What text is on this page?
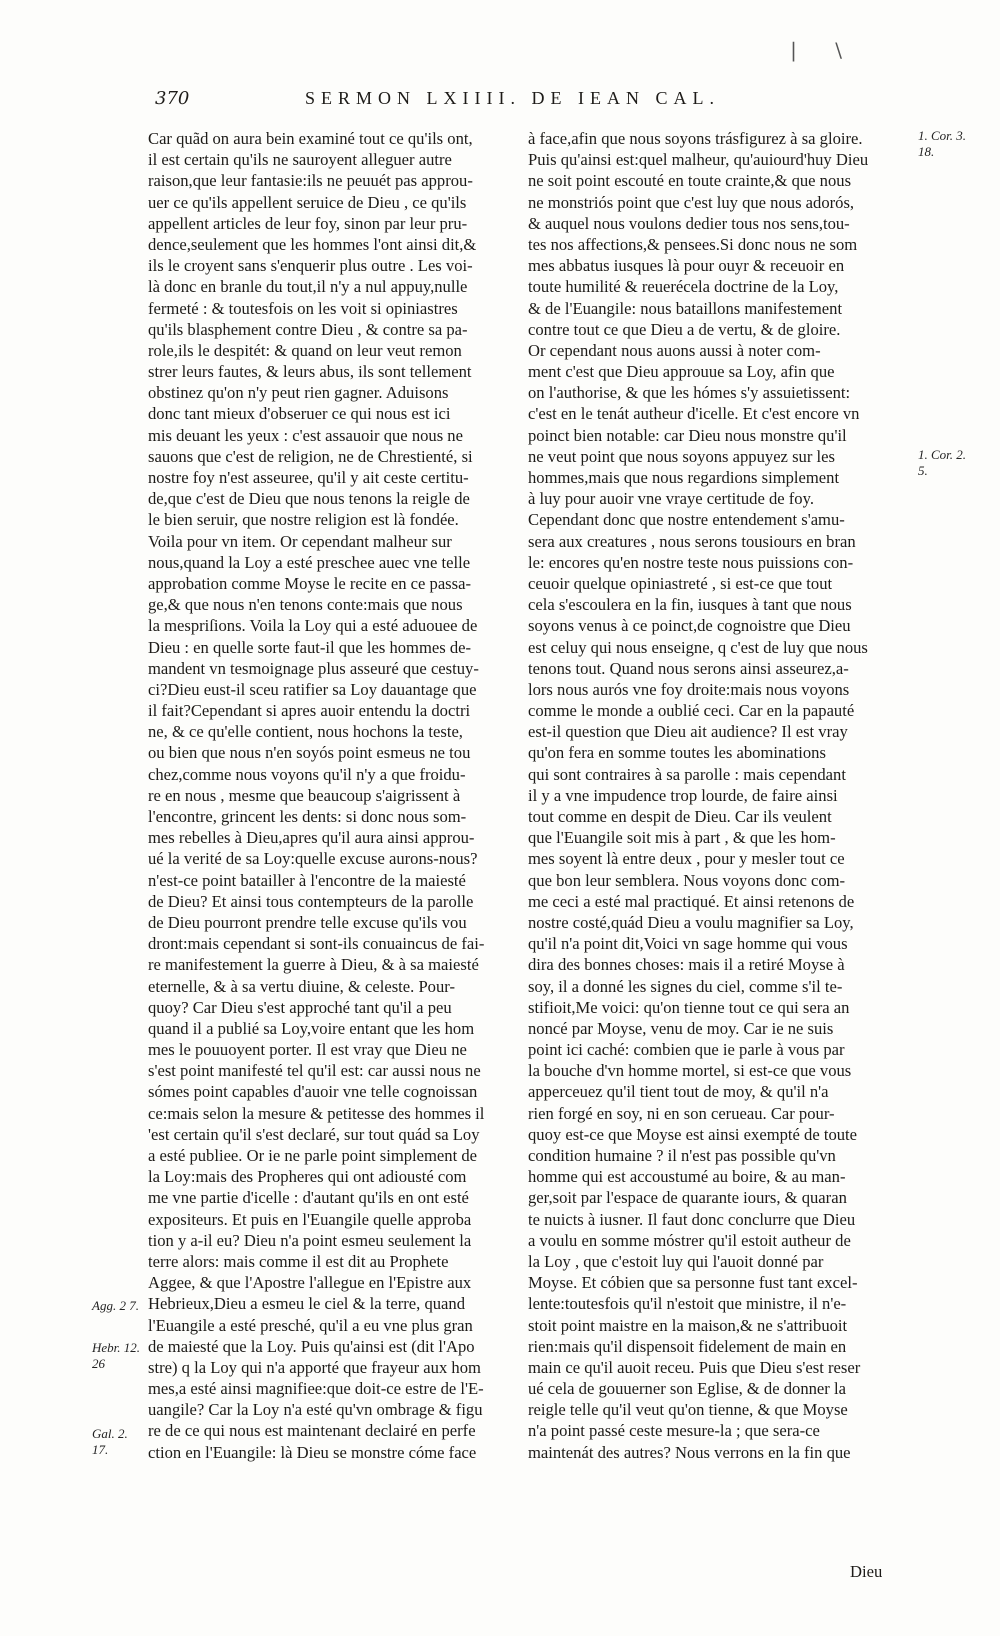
| \
370	SERMON LXIIII. DE IEAN CAL.
Car quãd on aura bein examiné tout ce qu'ils ont,
il est certain qu'ils ne sauroyent alleguer autre
raison,que leur fantasie:ils ne peuuét pas approu-
uer ce qu'ils appellent seruice de Dieu , ce qu'ils
appellent articles de leur foy, sinon par leur pru-
dence,seulement que les hommes l'ont ainsi dit,&
ils le croyent sans s'enquerir plus outre . Les voi-
là donc en branle du tout,il n'y a nul appuy,nulle
fermeté : & toutesfois on les voit si opiniastres
qu'ils blasphement contre Dieu , & contre sa pa-
role,ils le despitét: & quand on leur veut remon
strer leurs fautes, & leurs abus, ils sont tellement
obstinez qu'on n'y peut rien gagner. Aduisons
donc tant mieux d'obseruer ce qui nous est ici
mis deuant les yeux : c'est assauoir que nous ne
sauons que c'est de religion, ne de Chrestienté, si
nostre foy n'est asseuree, qu'il y ait ceste certitu-
de,que c'est de Dieu que nous tenons la reigle de
le bien seruir, que nostre religion est là fondée.
Voila pour vn item. Or cependant malheur sur
nous,quand la Loy a esté preschee auec vne telle
approbation comme Moyse le recite en ce passa-
ge,& que nous n'en tenons conte:mais que nous
la mespriſions. Voila la Loy qui a esté aduouee de
Dieu : en quelle sorte faut-il que les hommes de-
mandent vn tesmoignage plus asseuré que cestuy-
ci?Dieu eust-il sceu ratifier sa Loy dauantage que
il fait?Cependant si apres auoir entendu la doctri
ne, & ce qu'elle contient, nous hochons la teste,
ou bien que nous n'en soyós point esmeus ne tou
chez,comme nous voyons qu'il n'y a que froidu-
re en nous , mesme que beaucoup s'aigrissent à
l'encontre, grincent les dents: si donc nous som-
mes rebelles à Dieu,apres qu'il aura ainsi approu-
ué la verité de sa Loy:quelle excuse aurons-nous?
n'est-ce point batailler à l'encontre de la maiesté
de Dieu? Et ainsi tous contempteurs de la parolle
de Dieu pourront prendre telle excuse qu'ils vou
dront:mais cependant si sont-ils conuaincus de fai-
re manifestement la guerre à Dieu, & à sa maiesté
eternelle, & à sa vertu diuine, & celeste. Pour-
quoy? Car Dieu s'est approché tant qu'il a peu
quand il a publié sa Loy,voire entant que les hom
mes le pouuoyent porter. Il est vray que Dieu ne
s'est point manifesté tel qu'il est: car aussi nous ne
sómes point capables d'auoir vne telle cognoissan
ce:mais selon la mesure & petitesse des hommes il
'est certain qu'il s'est declaré, sur tout quád sa Loy
a esté publiee. Or ie ne parle point simplement de
la Loy:mais des Propheres qui ont adiousté com
me vne partie d'icelle : d'autant qu'ils en ont esté
expositeurs. Et puis en l'Euangile quelle approba
tion y a-il eu? Dieu n'a point esmeu seulement la
terre alors: mais comme il est dit au Prophete
Aggee, & que l'Apostre l'allegue en l'Epistre aux
Hebrieux,Dieu a esmeu le ciel & la terre, quand
l'Euangile a esté presché, qu'il a eu vne plus gran
de maiesté que la Loy. Puis qu'ainsi est (dit l'Apo
stre) q la Loy qui n'a apporté que frayeur aux hom
mes,a esté ainsi magnifiee:que doit-ce estre de l'E-
uangile? Car la Loy n'a esté qu'vn ombrage & figu
re de ce qui nous est maintenant declairé en perfe
ction en l'Euangile: là Dieu se monstre cóme face
à face,afin que nous soyons trásfigurez à sa gloire.
Puis qu'ainsi est:quel malheur, qu'auiourd'huy Dieu
ne soit point escouté en toute crainte,& que nous
ne monstriós point que c'est luy que nous adorós,
& auquel nous voulons dedier tous nos sens,tou-
tes nos affections,& pensees.Si donc nous ne som
mes abbatus iusques là pour ouyr & receuoir en
toute humilité & reuerécela doctrine de la Loy,
& de l'Euangile: nous bataillons manifestement
contre tout ce que Dieu a de vertu, & de gloire.
Or cependant nous auons aussi à noter com-
ment c'est que Dieu approuue sa Loy, afin que
on l'authorise, & que les hómes s'y assuietissent:
c'est en le tenát autheur d'icelle. Et c'est encore vn
poinct bien notable: car Dieu nous monstre qu'il
ne veut point que nous soyons appuyez sur les
hommes,mais que nous regardions simplement
à luy pour auoir vne vraye certitude de foy.
Cependant donc que nostre entendement s'amu-
sera aux creatures , nous serons tousiours en bran
le: encores qu'en nostre teste nous puissions con-
ceuoir quelque opiniastreté , si est-ce que tout
cela s'escoulera en la fin, iusques à tant que nous
soyons venus à ce poinct,de cognoistre que Dieu
est celuy qui nous enseigne, q c'est de luy que nous
tenons tout. Quand nous serons ainsi asseurez,a-
lors nous aurós vne foy droite:mais nous voyons
comme le monde a oublié ceci. Car en la papauté
est-il question que Dieu ait audience? Il est vray
qu'on fera en somme toutes les abominations
qui sont contraires à sa parolle : mais cependant
il y a vne impudence trop lourde, de faire ainsi
tout comme en despit de Dieu. Car ils veulent
que l'Euangile soit mis à part , & que les hom-
mes soyent là entre deux , pour y mesler tout ce
que bon leur semblera. Nous voyons donc com-
me ceci a esté mal practiqué. Et ainsi retenons de
nostre costé,quád Dieu a voulu magnifier sa Loy,
qu'il n'a point dit,Voici vn sage homme qui vous
dira des bonnes choses: mais il a retiré Moyse à
soy, il a donné les signes du ciel, comme s'il te-
stifioit,Me voici: qu'on tienne tout ce qui sera an
noncé par Moyse, venu de moy. Car ie ne suis
point ici caché: combien que ie parle à vous par
la bouche d'vn homme mortel, si est-ce que vous
apperceuez qu'il tient tout de moy, & qu'il n'a
rien forgé en soy, ni en son cerueau. Car pour-
quoy est-ce que Moyse est ainsi exempté de toute
condition humaine ? il n'est pas possible qu'vn
homme qui est accoustumé au boire, & au man-
ger,soit par l'espace de quarante iours, & quaran
te nuicts à iusner. Il faut donc conclurre que Dieu
a voulu en somme móstrer qu'il estoit autheur de
la Loy , que c'estoit luy qui l'auoit donné par
Moyse. Et cóbien que sa personne fust tant excel-
lente:toutesfois qu'il n'estoit que ministre, il n'e-
stoit point maistre en la maison,& ne s'attribuoit
rien:mais qu'il dispensoit fidelement de main en
main ce qu'il auoit receu. Puis que Dieu s'est reser
ué cela de gouuerner son Eglise, & de donner la
reigle telle qu'il veut qu'on tienne, & que Moyse
n'a point passé ceste mesure-la ; que sera-ce
maintenát des autres? Nous verrons en la fin que
1. Cor. 3. 18.
1. Cor. 2. 5.
Agg. 2 7.
Hebr. 12. 26
Gal. 2. 17.
Dieu
